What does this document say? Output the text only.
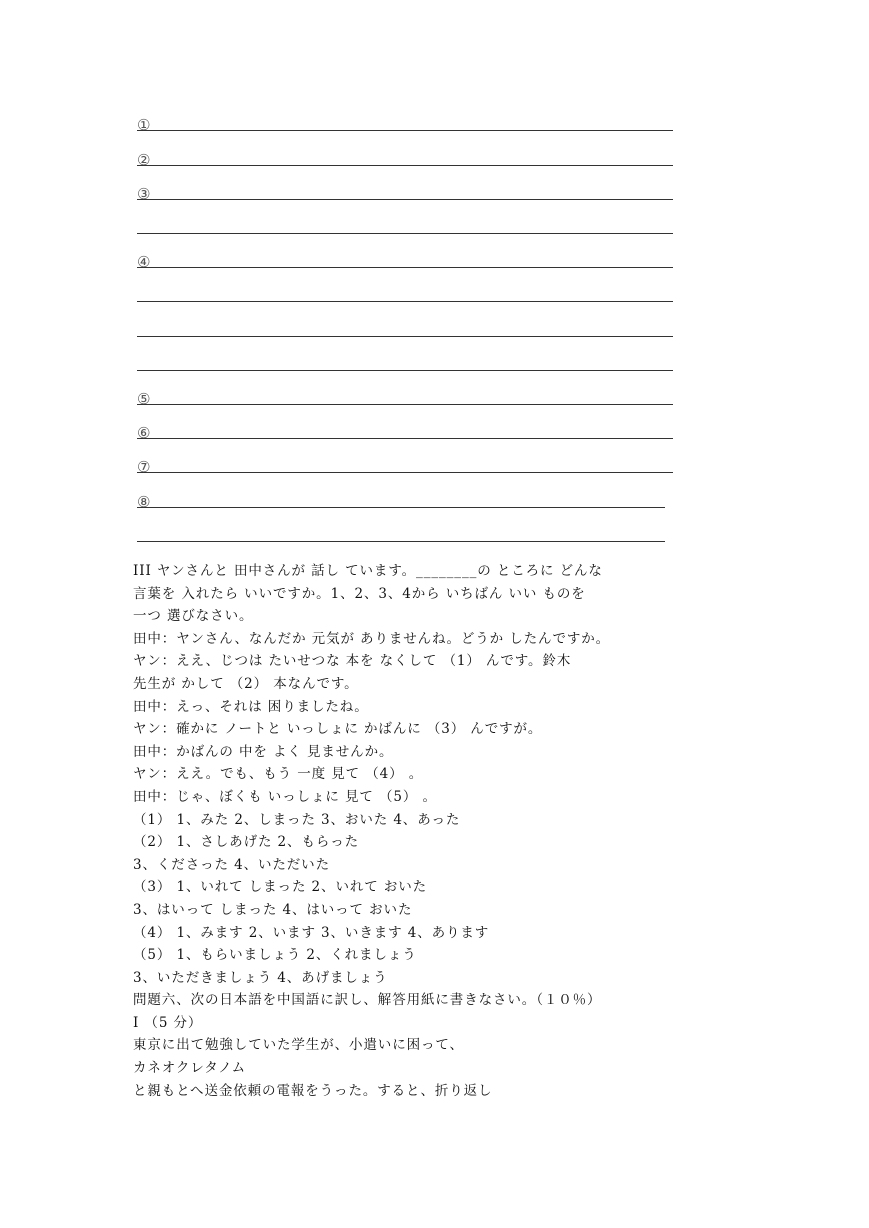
①
②
③
④
⑤
⑥
⑦
⑧
III ヤンさんと 田中さんが 話し ています。________の ところに どんな
言葉を 入れたら いいですか。1、2、3、4から いちばん いい ものを
一つ 選びなさい。
田中：ヤンさん、なんだか 元気が ありませんね。どうか したんですか。
ヤン：ええ、じつは たいせつな 本を なくして （1） んです。鈴木
先生が かして （2） 本なんです。
田中：えっ、それは 困りましたね。
ヤン：確かに ノートと いっしょに かばんに （3） んですが。
田中：かばんの 中を よく 見ませんか。
ヤン：ええ。でも、もう 一度 見て （4） 。
田中：じゃ、ぼくも いっしょに 見て （5） 。
（1） 1、みた 2、しまった 3、おいた 4、あった
（2） 1、さしあげた 2、もらった
3、くださった 4、いただいた
（3） 1、いれて しまった 2、いれて おいた
3、はいって しまった 4、はいって おいた
（4） 1、みます 2、います 3、いきます 4、あります
（5） 1、もらいましょう 2、くれましょう
3、いただきましょう 4、あげましょう
問題六、次の日本語を中国語に訳し、解答用紙に書きなさい。（１０％）
Ⅰ （5 分）
東京に出て勉強していた学生が、小遣いに困って、
カネオクレタノム
と親もとへ送金依頼の電報をうった。すると、折り返し
